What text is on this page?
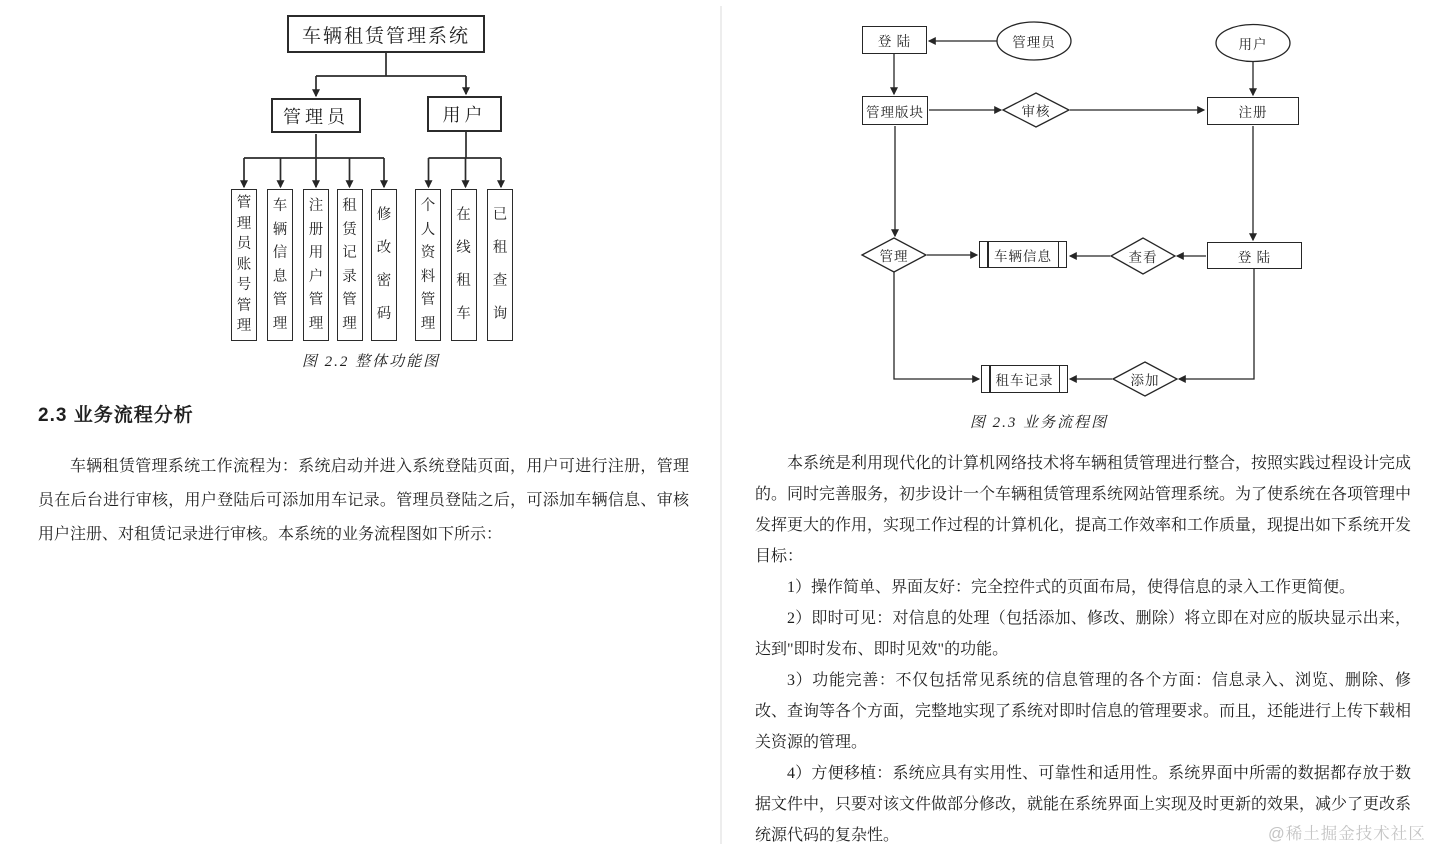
车辆租赁管理系统
管理员	用户
管
理
员
账
号
管
理
车
辆
信
息
管
理
注
册
用
户
管
理
租
赁
记
录
管
理
修
改
密
码
个
人
资
料
管
理
在
线
租
车
已
租
查
询
图 2.2 整体功能图
2.3 业务流程分析

车辆租赁管理系统工作流程为：系统启动并进入系统登陆页面，用户可进行注册，管理员在后台进行审核，用户登陆后可添加用车记录。管理员登陆之后，可添加车辆信息、审核用户注册、对租赁记录进行审核。本系统的业务流程图如下所示：

登 陆
管理版块	注册
车辆信息	登 陆
租车记录
管理员	用户
审核
管理	查看
添加
图 2.3 业务流程图

本系统是利用现代化的计算机网络技术将车辆租赁管理进行整合，按照实践过程设计完成的。同时完善服务，初步设计一个车辆租赁管理系统网站管理系统。为了使系统在各项管理中发挥更大的作用，实现工作过程的计算机化，提高工作效率和工作质量，现提出如下系统开发目标：

1）操作简单、界面友好：完全控件式的页面布局，使得信息的录入工作更简便。

2）即时可见：对信息的处理（包括添加、修改、删除）将立即在对应的版块显示出来，达到"即时发布、即时见效"的功能。

3）功能完善：不仅包括常见系统的信息管理的各个方面：信息录入、浏览、删除、修改、查询等各个方面，完整地实现了系统对即时信息的管理要求。而且，还能进行上传下载相关资源的管理。

4）方便移植：系统应具有实用性、可靠性和适用性。系统界面中所需的数据都存放于数据文件中，只要对该文件做部分修改，就能在系统界面上实现及时更新的效果，减少了更改系统源代码的复杂性。	@稀土掘金技术社区
